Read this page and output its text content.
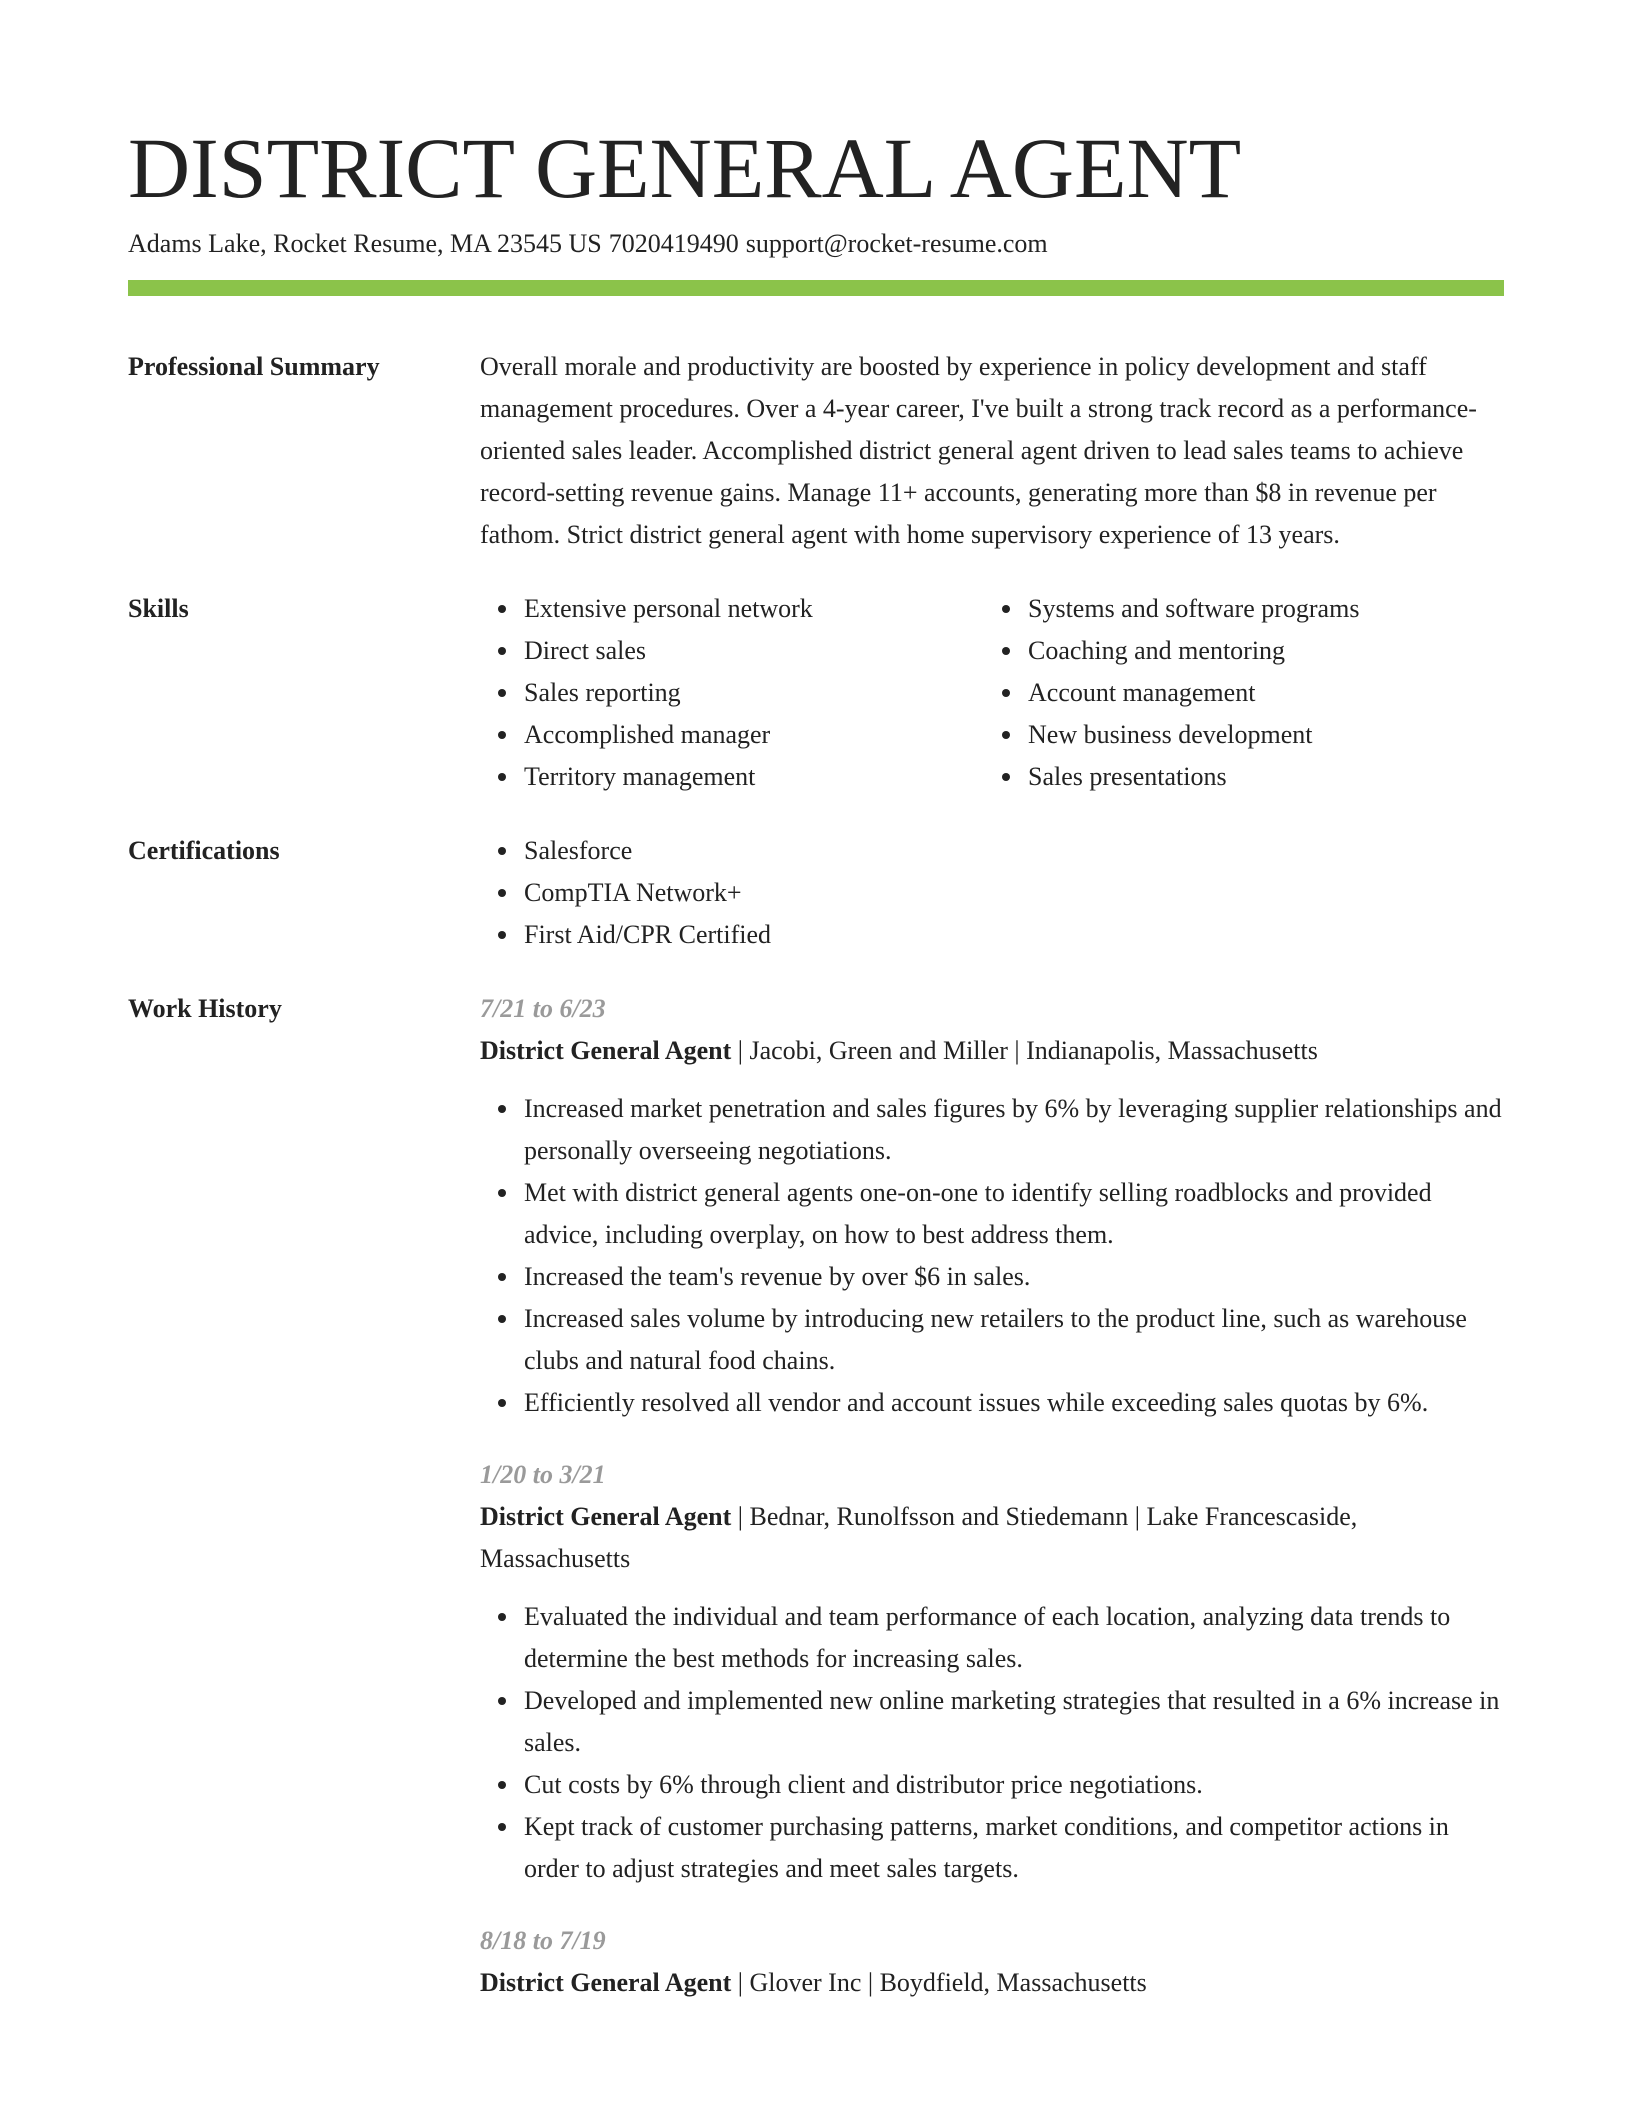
DISTRICT GENERAL AGENT
Adams Lake, Rocket Resume, MA 23545 US 7020419490 support@rocket-resume.com
Professional Summary	Overall morale and productivity are boosted by experience in policy development and staff management procedures. Over a 4-year career, I've built a strong track record as a performance-oriented sales leader. Accomplished district general agent driven to lead sales teams to achieve record-setting revenue gains. Manage 11+ accounts, generating more than $8 in revenue per fathom. Strict district general agent with home supervisory experience of 13 years.

Skills	Extensive personal network
Direct sales
Sales reporting
Accomplished manager
Territory management
Systems and software programs
Coaching and mentoring
Account management
New business development
Sales presentations
Certifications	Salesforce
CompTIA Network+
First Aid/CPR Certified
Work History	7/21 to 6/23
District General Agent | Jacobi, Green and Miller | Indianapolis, Massachusetts
Increased market penetration and sales figures by 6% by leveraging supplier relationships and personally overseeing negotiations.
Met with district general agents one-on-one to identify selling roadblocks and provided advice, including overplay, on how to best address them.
Increased the team's revenue by over $6 in sales.
Increased sales volume by introducing new retailers to the product line, such as warehouse clubs and natural food chains.
Efficiently resolved all vendor and account issues while exceeding sales quotas by 6%.
1/20 to 3/21
District General Agent | Bednar, Runolfsson and Stiedemann | Lake Francescaside, Massachusetts
Evaluated the individual and team performance of each location, analyzing data trends to determine the best methods for increasing sales.
Developed and implemented new online marketing strategies that resulted in a 6% increase in sales.
Cut costs by 6% through client and distributor price negotiations.
Kept track of customer purchasing patterns, market conditions, and competitor actions in order to adjust strategies and meet sales targets.
8/18 to 7/19
District General Agent | Glover Inc | Boydfield, Massachusetts
